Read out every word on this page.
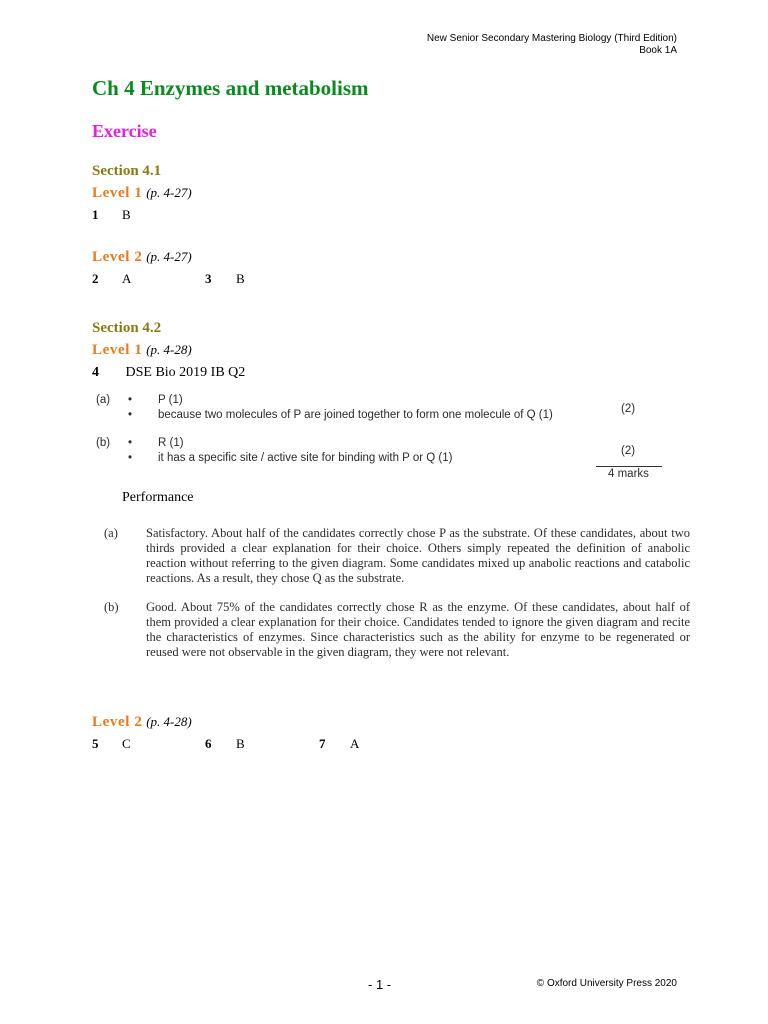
New Senior Secondary Mastering Biology (Third Edition)
Book 1A
Ch 4 Enzymes and metabolism
Exercise
Section 4.1
Level 1 (p. 4-27)
1 B
Level 2 (p. 4-27)
2 A	3 B
Section 4.2
Level 1 (p. 4-28)
4 DSE Bio 2019 IB Q2
(a) • P (1)
• because two molecules of P are joined together to form one molecule of Q (1)	(2)
(b) • R (1)
• it has a specific site / active site for binding with P or Q (1)
(2)
4 marks
Performance
(a) Satisfactory. About half of the candidates correctly chose P as the substrate. Of these candidates, about two thirds provided a clear explanation for their choice. Others simply repeated the definition of anabolic reaction without referring to the given diagram. Some candidates mixed up anabolic reactions and catabolic reactions. As a result, they chose Q as the substrate.
(b) Good. About 75% of the candidates correctly chose R as the enzyme. Of these candidates, about half of them provided a clear explanation for their choice. Candidates tended to ignore the given diagram and recite the characteristics of enzymes. Since characteristics such as the ability for enzyme to be regenerated or reused were not observable in the given diagram, they were not relevant.
Level 2 (p. 4-28)
5 C	6 B	7 A
- 1 -	© Oxford University Press 2020
